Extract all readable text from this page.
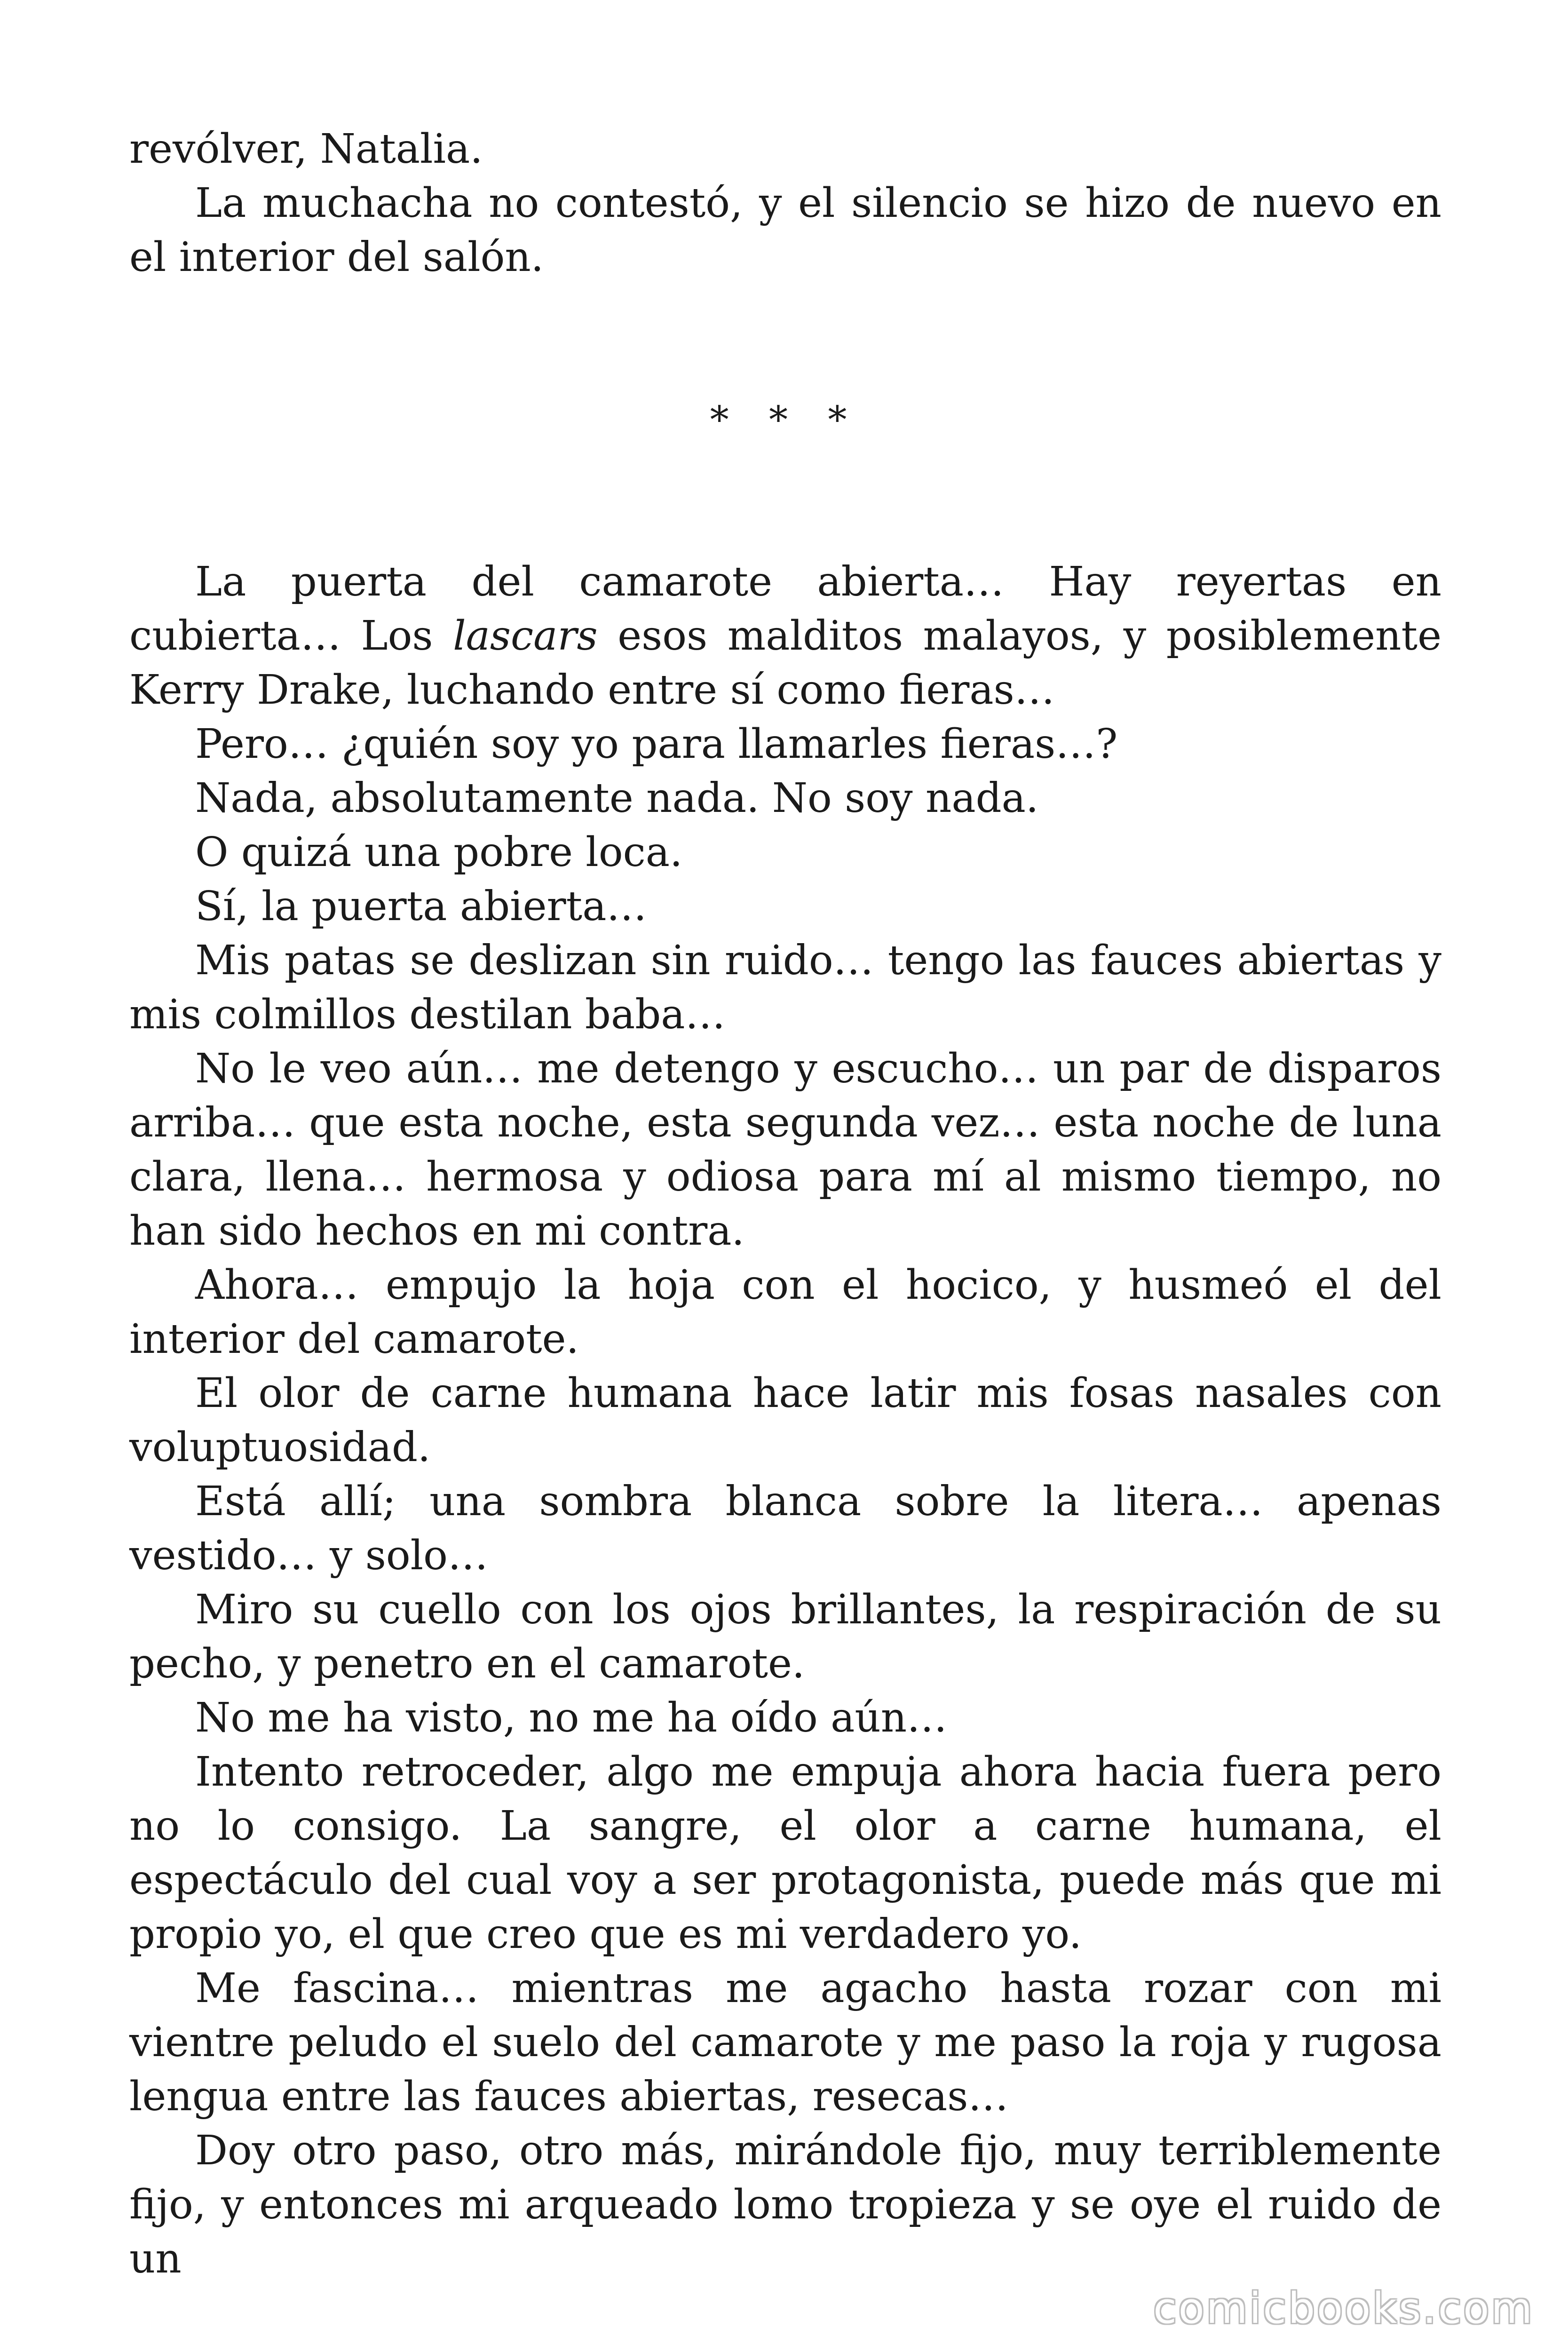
revólver, Natalia.

La muchacha no contestó, y el silencio se hizo de nuevo en el interior del salón.

* * *

La puerta del camarote abierta… Hay reyertas en cubierta… Los lascars esos malditos malayos, y posiblemente Kerry Drake, luchando entre sí como fieras…

Pero… ¿quién soy yo para llamarles fieras…?

Nada, absolutamente nada. No soy nada.

O quizá una pobre loca.

Sí, la puerta abierta…

Mis patas se deslizan sin ruido… tengo las fauces abiertas y mis colmillos destilan baba…

No le veo aún… me detengo y escucho… un par de disparos arriba… que esta noche, esta segunda vez… esta noche de luna clara, llena… hermosa y odiosa para mí al mismo tiempo, no han sido hechos en mi contra.

Ahora… empujo la hoja con el hocico, y husmeó el del interior del camarote.

El olor de carne humana hace latir mis fosas nasales con voluptuosidad.

Está allí; una sombra blanca sobre la litera… apenas vestido… y solo…

Miro su cuello con los ojos brillantes, la respiración de su pecho, y penetro en el camarote.

No me ha visto, no me ha oído aún…

Intento retroceder, algo me empuja ahora hacia fuera pero no lo consigo. La sangre, el olor a carne humana, el espectáculo del cual voy a ser protagonista, puede más que mi propio yo, el que creo que es mi verdadero yo.

Me fascina… mientras me agacho hasta rozar con mi vientre peludo el suelo del camarote y me paso la roja y rugosa lengua entre las fauces abiertas, resecas…

Doy otro paso, otro más, mirándole fijo, muy terriblemente fijo, y entonces mi arqueado lomo tropieza y se oye el ruido de un

comicbooks.com
